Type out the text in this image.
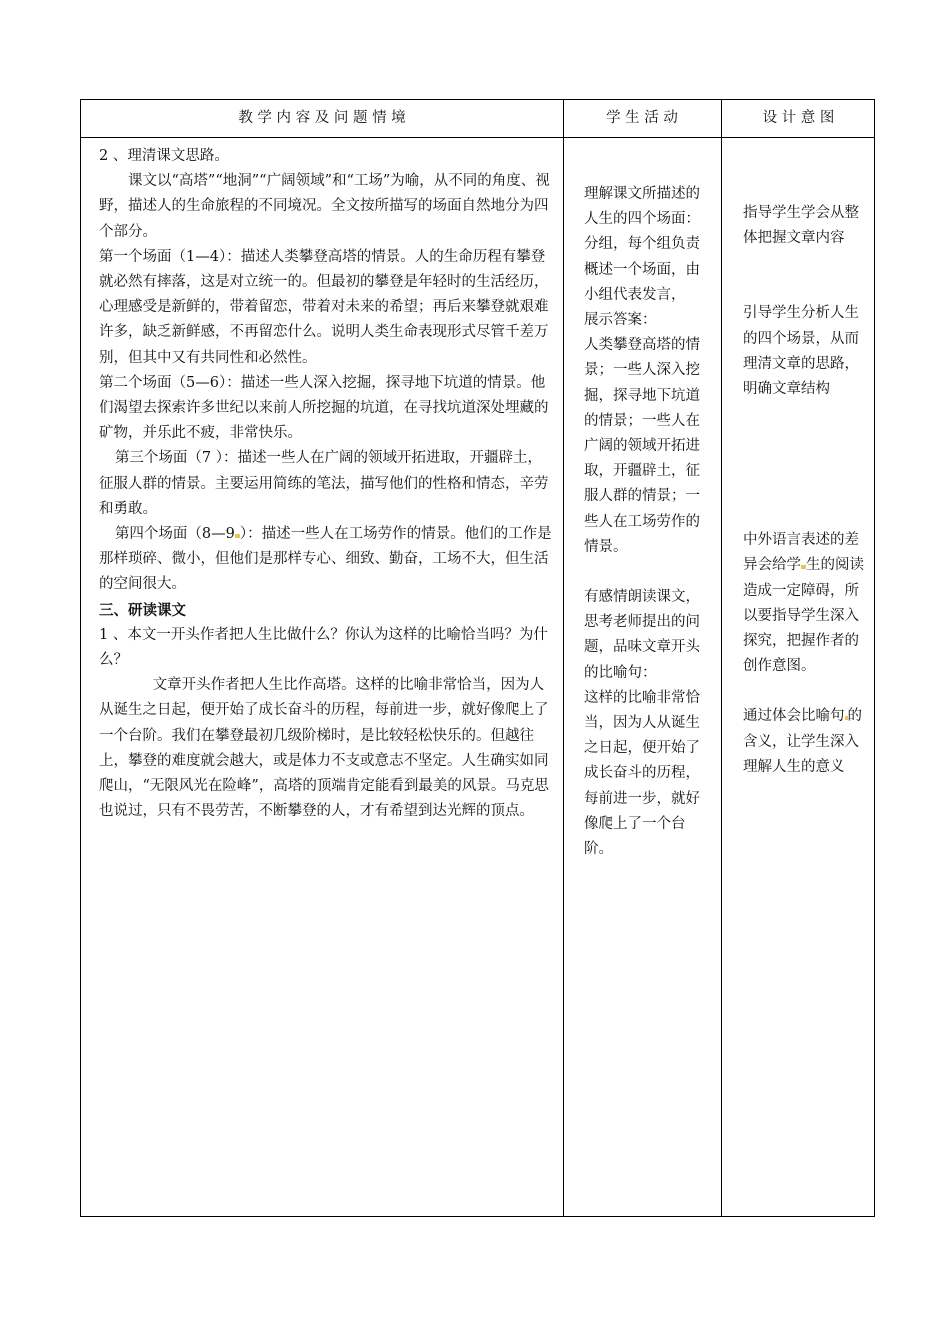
教 学 内 容 及 问 题 情 境	学 生 活 动	设 计 意 图

2 、理清课文思路。

课文以“高塔”“地洞”“广阔领域”和“工场”为喻，从不同的角度、视野，描述人的生命旅程的不同境况。全文按所描写的场面自然地分为四个部分。

第一个场面（1—4）：描述人类攀登高塔的情景。人的生命历程有攀登就必然有摔落，这是对立统一的。但最初的攀登是年轻时的生活经历，心理感受是新鲜的，带着留恋，带着对未来的希望；再后来攀登就艰难许多，缺乏新鲜感，不再留恋什么。说明人类生命表现形式尽管千差万别，但其中又有共同性和必然性。

第二个场面（5—6）：描述一些人深入挖掘，探寻地下坑道的情景。他们渴望去探索许多世纪以来前人所挖掘的坑道，在寻找坑道深处埋藏的矿物，并乐此不疲，非常快乐。

第三个场面（7 ）：描述一些人在广阔的领域开拓进取，开疆辟土，征服人群的情景。主要运用简练的笔法，描写他们的性格和情态，辛劳和勇敢。

第四个场面（8—9 ）：描述一些人在工场劳作的情景。他们的工作是那样琐碎、微小，但他们是那样专心、细致、勤奋，工场不大，但生活的空间很大。

三、研读课文

1 、本文一开头作者把人生比做什么？你认为这样的比喻恰当吗？为什么？

文章开头作者把人生比作高塔。这样的比喻非常恰当，因为人从诞生之日起，便开始了成长奋斗的历程，每前进一步，就好像爬上了一个台阶。我们在攀登最初几级阶梯时，是比较轻松快乐的。但越往上，攀登的难度就会越大，或是体力不支或意志不坚定。人生确实如同爬山，“无限风光在险峰”，高塔的顶端肯定能看到最美的风景。马克思也说过，只有不畏劳苦，不断攀登的人，才有希望到达光辉的顶点。

理解课文所描述的人生的四个场面：

分组，每个组负责概述一个场面，由小组代表发言，

展示答案：

人类攀登高塔的情景；一些人深入挖掘，探寻地下坑道的情景；一些人在广阔的领域开拓进取，开疆辟土，征服人群的情景；一些人在工场劳作的情景。

有感情朗读课文，思考老师提出的问题，品味文章开头的比喻句：

这样的比喻非常恰当，因为人从诞生之日起，便开始了成长奋斗的历程，每前进一步，就好像爬上了一个台阶。

指导学生学会从整体把握文章内容

引导学生分析人生的四个场景，从而理清文章的思路，明确文章结构

中外语言表述的差异会给学 生的阅读造成一定障碍，所以要指导学生深入探究，把握作者的创作意图。

通过体会比喻句 的含义，让学生深入理解人生的意义
